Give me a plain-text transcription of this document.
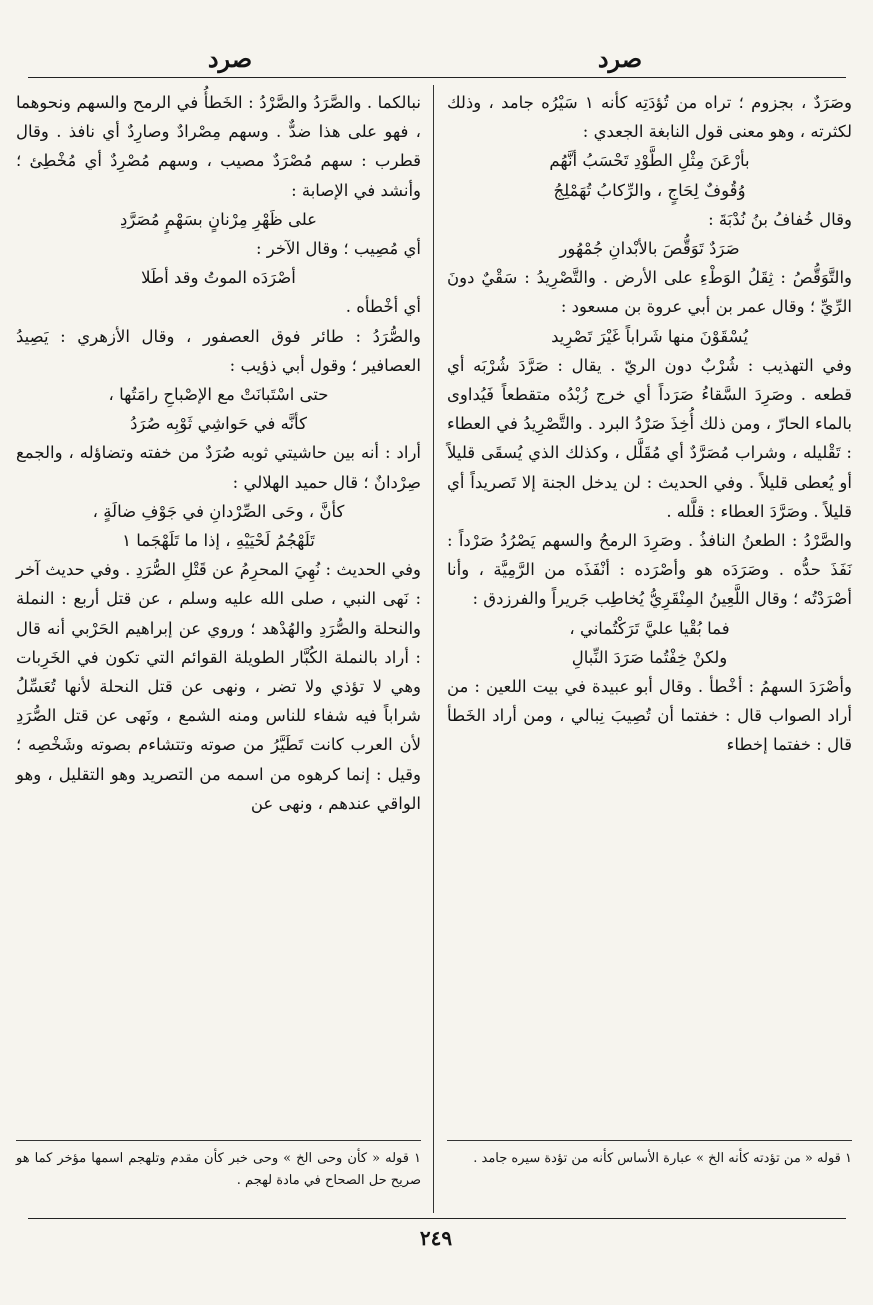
صرد
صرد
وصَرَدٌ ، بجزوم ؛ تراه من تُؤدَتِه كأنه ١ سَيْرُه جامد ، وذلك لكثرته ، وهو معنى قول النابغة الجعدي :
بأرْعَنَ مِثْلِ الطَّوْدِ تَحْسَبُ أنَّهُم
وُقُوفٌ لِحَاجٍ ، والرِّكابُ تُهَمْلِجُ
وقال خُفافُ بنُ نُدْبَةَ :
صَرَدٌ تَوَقُّصَ بالأبْدانِ جُمْهُور
والتَّوَقُّصُ : ثِقَلُ الوَطْءِ على الأرض . والتَّصْرِيدُ : سَقْيٌ دونَ الرِّيِّ ؛ وقال عمر بن أبي عروة بن مسعود :
يُسْقَوْنَ منها شَراباً غَيْرَ تَصْرِيد
وفي التهذيب : شُرْبٌ دون الريّ . يقال : صَرَّدَ شُرْبَه أي قطعه . وصَرِدَ السَّقاءُ صَرَداً أي خرج زُبْدُه متقطعاً فَيُداوى بالماء الحارّ ، ومن ذلك أُخِذَ صَرْدُ البرد . والتَّصْرِيدُ في العطاء : تَقْليله ، وشراب مُصَرَّدٌ أي مُقَلَّل ، وكذلك الذي يُسقَى قليلاً أو يُعطى قليلاً . وفي الحديث : لن يدخل الجنة إلا تَصريداً أي قليلاً . وصَرَّدَ العطاء : قلَّله .
والصَّرْدُ : الطعنُ النافذُ . وصَرِدَ الرمحُ والسهم يَصْرُدُ صَرْداً : نَفَذَ حدُّه . وصَرَدَه هو وأصْرَده : أنْفَذَه من الرَّمِيَّة ، وأنا أصْرَدْتُه ؛ وقال اللَّعِينُ المِنْقَرِيُّ يُخاطِب جَريراً والفرزدق :
فما بُقْيا عليَّ تَرَكْتُماني ،
ولكنْ خِفْتُما صَرَدَ النِّبالِ
وأصْرَدَ السهمُ : أخْطأ . وقال أبو عبيدة في بيت اللعين : من أراد الصواب قال : خفتما أن تُصِيبَ نِبالي ، ومن أراد الخَطأ قال : خفتما إخطاء
نبالكما . والصَّرَدُ والصَّرْدُ : الخَطأُ في الرمح والسهم ونحوهما ، فهو على هذا ضدٌّ . وسهم مِصْرادٌ وصارِدٌ أي نافذ . وقال قطرب : سهم مُصْرَدٌ مصيب ، وسهم مُصْرِدٌ أي مُخْطِئ ؛ وأنشد في الإصابة :
على ظَهْرِ مِرْنانٍ بسَهْمٍ مُصَرَّدِ
أي مُصِيب ؛ وقال الآخر :
أصْرَدَه الموتُ وقد أطَلا
أي أخْطأه .
والصُّرَدُ : طائر فوق العصفور ، وقال الأزهري : يَصِيدُ العصافير ؛ وقول أبي ذؤيب :
حتى اسْتَبانَتْ مع الإصْباحِ رامَتُها ،
كأنَّه في حَواشِي ثَوْبِه صُرَدُ
أراد : أنه بين حاشيتي ثوبه صُرَدٌ من خفته وتضاؤله ، والجمع صِرْدانٌ ؛ قال حميد الهلالي :
كأنَّ ، وحَى الصِّرْدانِ في جَوْفِ ضالَةٍ ،
تَلَهْجُمُ لَحْيَيْهِ ، إذا ما تَلَهْجَما ١
وفي الحديث : نُهِيَ المحرِمُ عن قَتْلِ الصُّرَدِ . وفي حديث آخر : نَهى النبي ، صلى الله عليه وسلم ، عن قتل أربع : النملة والنحلة والصُّرَدِ والهُدْهد ؛ وروي عن إبراهيم الحَرْبي أنه قال : أراد بالنملة الكُبَّار الطويلة القوائم التي تكون في الخَرِبات وهي لا تؤذي ولا تضر ، ونهى عن قتل النحلة لأنها تُعَسِّلُ شراباً فيه شفاء للناس ومنه الشمع ، ونَهى عن قتل الصُّرَدِ لأن العرب كانت تَطَيَّرُ من صوته وتتشاءم بصوته وشَخْصِه ؛ وقيل : إنما كرهوه من اسمه من التصريد وهو التقليل ، وهو الواقي عندهم ، ونهى عن
١ قوله « من تؤدته كأنه الخ » عبارة الأساس كأنه من تؤدة سيره جامد .
١ قوله « كأن وحى الخ » وحى خبر كأن مقدم وتلهجم اسمها مؤخر كما هو صريح حل الصحاح في مادة لهجم .
٢٤٩
